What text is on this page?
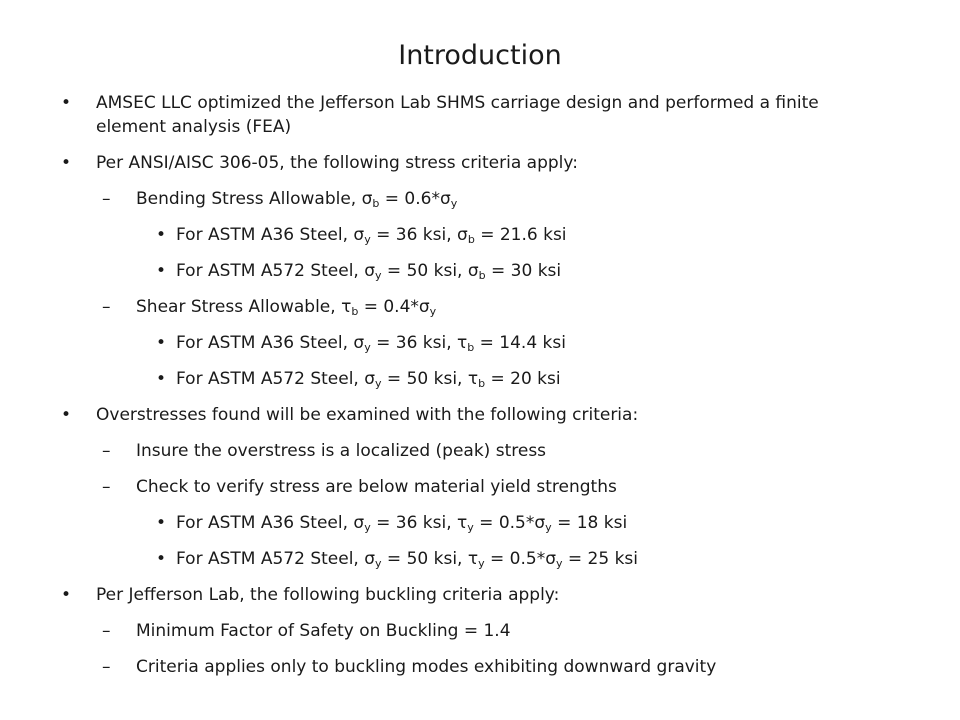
Introduction
• AMSEC LLC optimized the Jefferson Lab SHMS carriage design and performed a finite element analysis (FEA)
• Per ANSI/AISC 306-05, the following stress criteria apply:
– Bending Stress Allowable, $\sigma_b = 0.6*\sigma_y$
• For ASTM A36 Steel, $\sigma_y = 36$ ksi, $\sigma_b = 21.6$ ksi
• For ASTM A572 Steel, $\sigma_y = 50$ ksi, $\sigma_b = 30$ ksi
– Shear Stress Allowable, $\tau_b = 0.4*\sigma_y$
• For ASTM A36 Steel, $\sigma_y = 36$ ksi, $\tau_b = 14.4$ ksi
• For ASTM A572 Steel, $\sigma_y = 50$ ksi, $\tau_b = 20$ ksi
• Overstresses found will be examined with the following criteria:
– Insure the overstress is a localized (peak) stress
– Check to verify stress are below material yield strengths
• For ASTM A36 Steel, $\sigma_y = 36$ ksi, $\tau_y = 0.5*\sigma_y = 18$ ksi
• For ASTM A572 Steel, $\sigma_y = 50$ ksi, $\tau_y = 0.5*\sigma_y = 25$ ksi
• Per Jefferson Lab, the following buckling criteria apply:
– Minimum Factor of Safety on Buckling = 1.4
– Criteria applies only to buckling modes exhibiting downward gravity
